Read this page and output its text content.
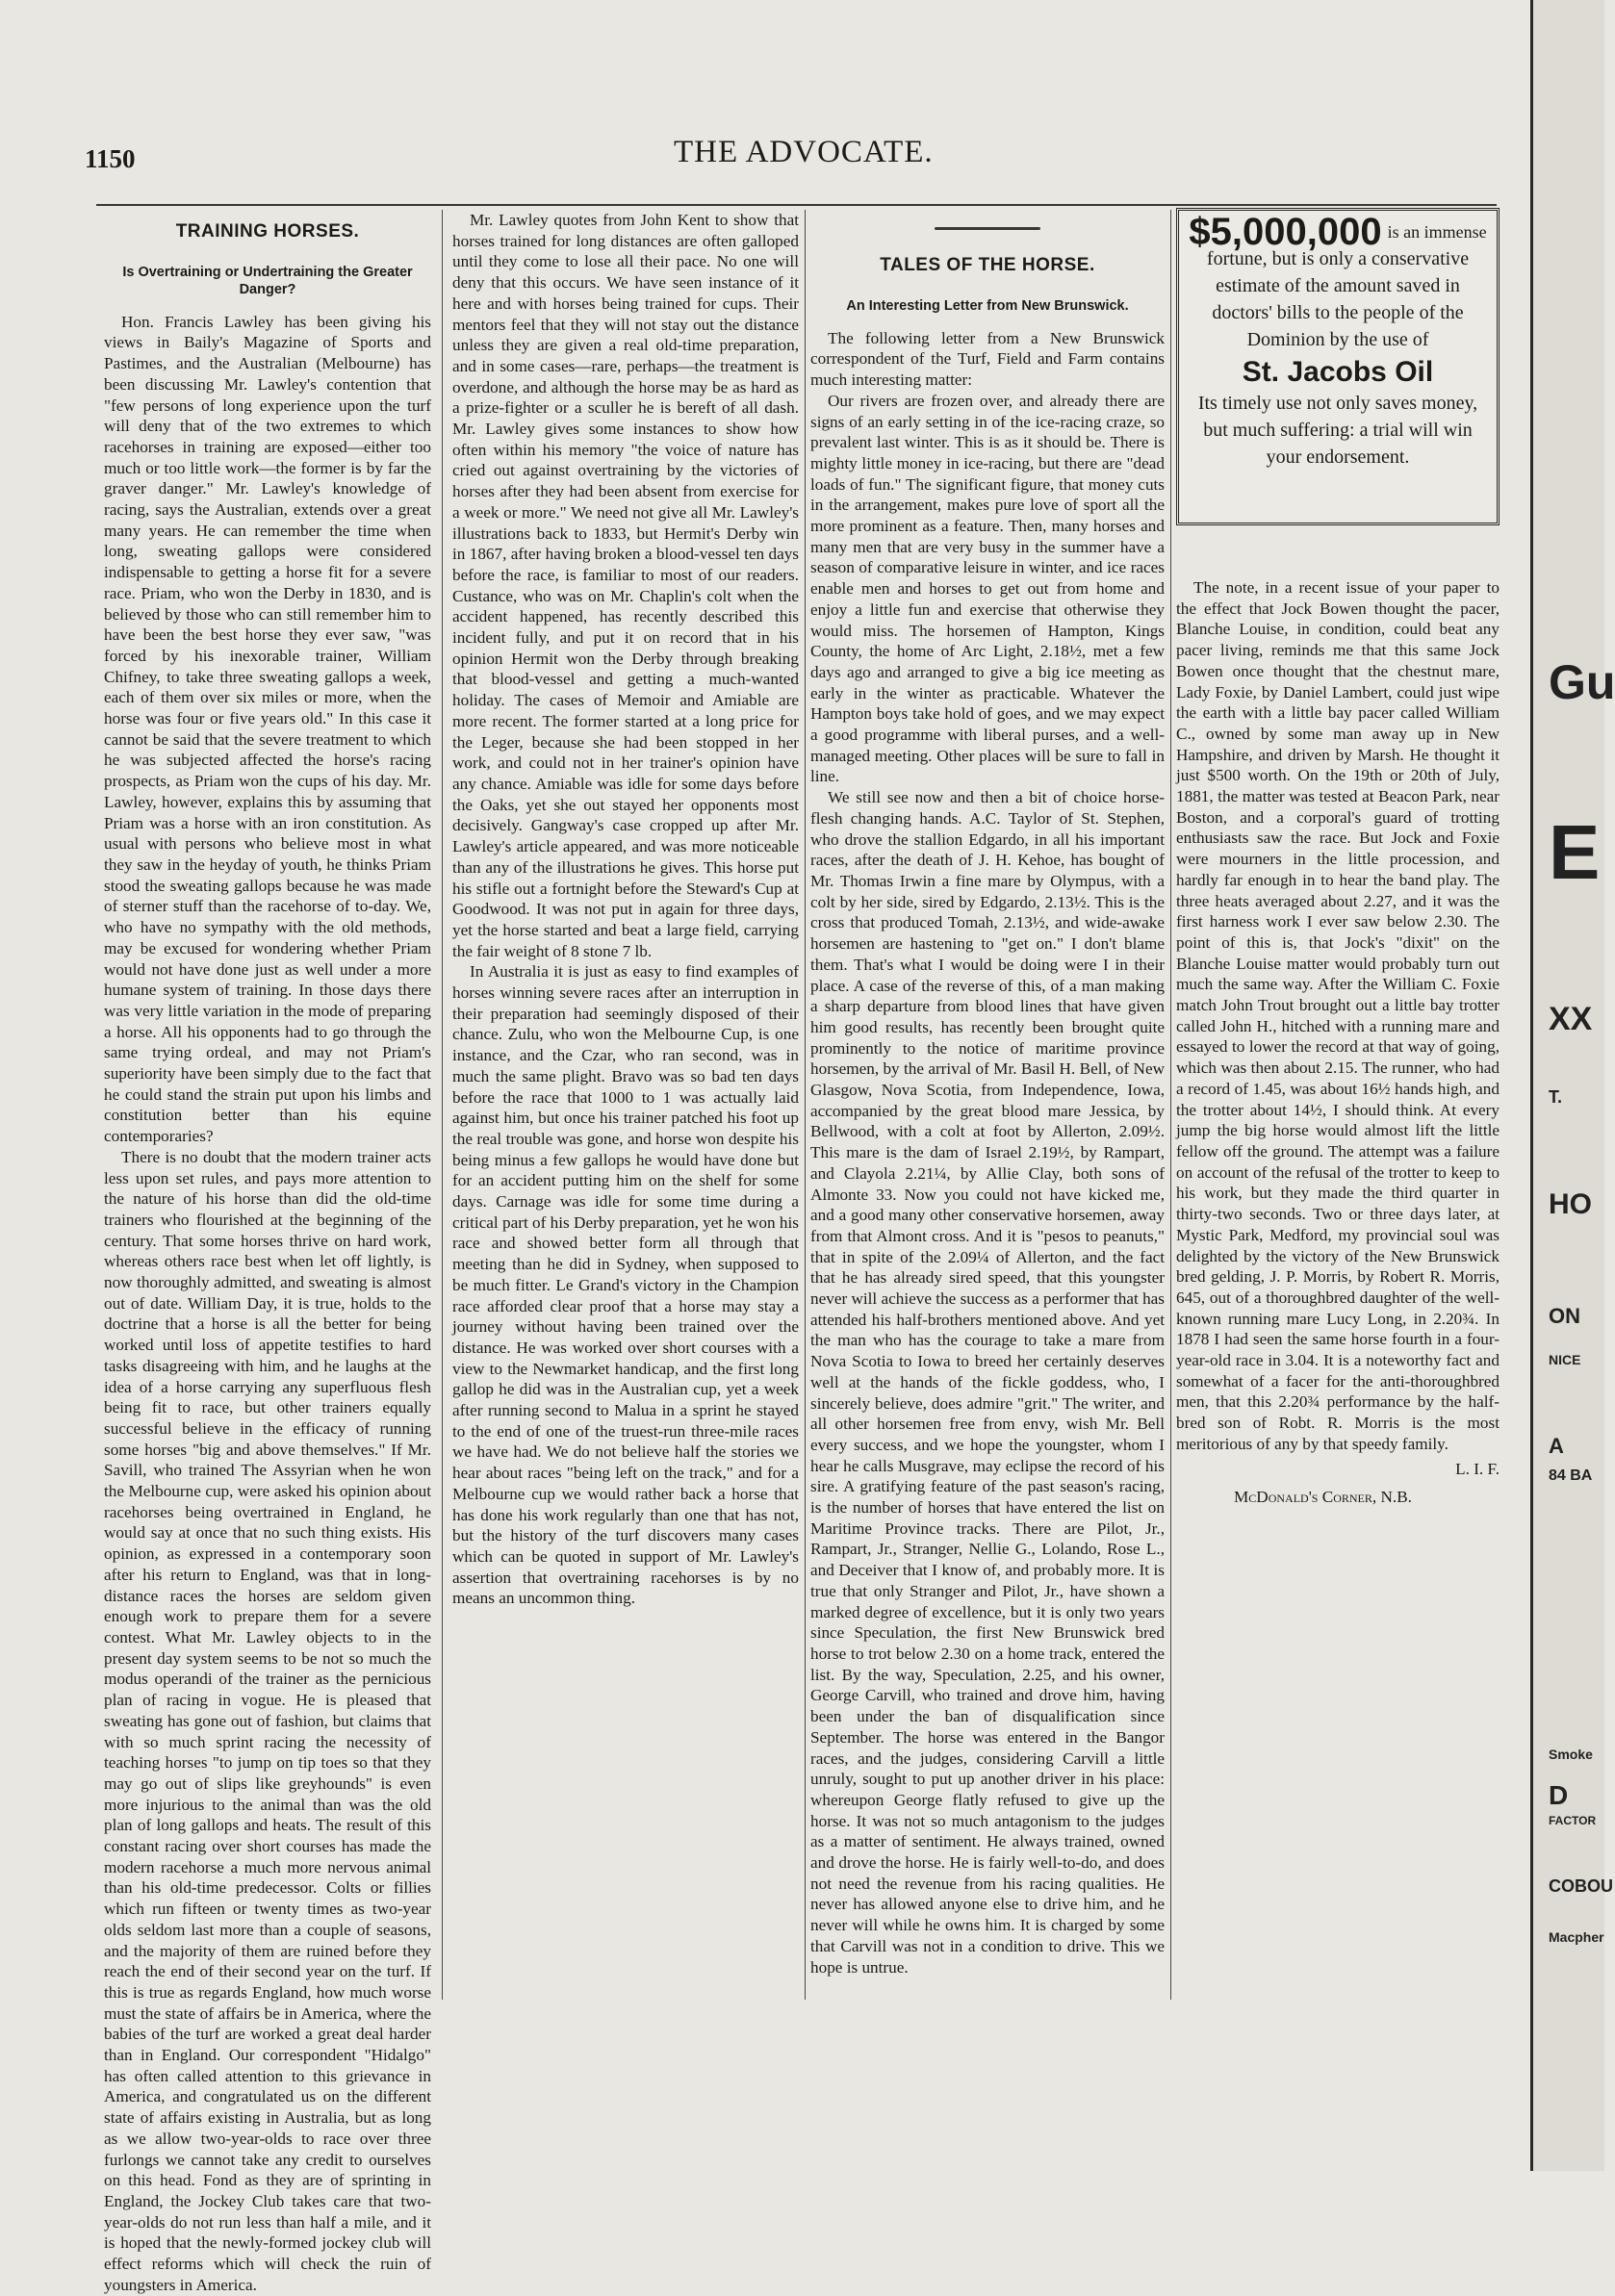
1150	THE ADVOCATE.
TRAINING HORSES.
Is Overtraining or Undertraining the Greater Danger?

Hon. Francis Lawley has been giving his views in Baily's Magazine of Sports and Pastimes, and the Australian (Melbourne) has been discussing Mr. Lawley's contention that "few persons of long experience upon the turf will deny that of the two extremes to which racehorses in training are exposed—either too much or too little work—the former is by far the graver danger." Mr. Lawley's knowledge of racing, says the Australian, extends over a great many years. He can remember the time when long, sweating gallops were considered indispensable to getting a horse fit for a severe race. Priam, who won the Derby in 1830, and is believed by those who can still remember him to have been the best horse they ever saw, "was forced by his inexorable trainer, William Chifney, to take three sweating gallops a week, each of them over six miles or more, when the horse was four or five years old." In this case it cannot be said that the severe treatment to which he was subjected affected the horse's racing prospects, as Priam won the cups of his day. Mr. Lawley, however, explains this by assuming that Priam was a horse with an iron constitution. As usual with persons who believe most in what they saw in the heyday of youth, he thinks Priam stood the sweating gallops because he was made of sterner stuff than the racehorse of to-day. We, who have no sympathy with the old methods, may be excused for wondering whether Priam would not have done just as well under a more humane system of training. In those days there was very little variation in the mode of preparing a horse. All his opponents had to go through the same trying ordeal, and may not Priam's superiority have been simply due to the fact that he could stand the strain put upon his limbs and constitution better than his equine contemporaries?

There is no doubt that the modern trainer acts less upon set rules, and pays more attention to the nature of his horse than did the old-time trainers who flourished at the beginning of the century. That some horses thrive on hard work, whereas others race best when let off lightly, is now thoroughly admitted, and sweating is almost out of date. William Day, it is true, holds to the doctrine that a horse is all the better for being worked until loss of appetite testifies to hard tasks disagreeing with him, and he laughs at the idea of a horse carrying any superfluous flesh being fit to race, but other trainers equally successful believe in the efficacy of running some horses "big and above themselves." If Mr. Savill, who trained The Assyrian when he won the Melbourne cup, were asked his opinion about racehorses being overtrained in England, he would say at once that no such thing exists. His opinion, as expressed in a contemporary soon after his return to England, was that in long-distance races the horses are seldom given enough work to prepare them for a severe contest. What Mr. Lawley objects to in the present day system seems to be not so much the modus operandi of the trainer as the pernicious plan of racing in vogue. He is pleased that sweating has gone out of fashion, but claims that with so much sprint racing the necessity of teaching horses "to jump on tip toes so that they may go out of slips like greyhounds" is even more injurious to the animal than was the old plan of long gallops and heats. The result of this constant racing over short courses has made the modern racehorse a much more nervous animal than his old-time predecessor. Colts or fillies which run fifteen or twenty times as two-year olds seldom last more than a couple of seasons, and the majority of them are ruined before they reach the end of their second year on the turf. If this is true as regards England, how much worse must the state of affairs be in America, where the babies of the turf are worked a great deal harder than in England. Our correspondent "Hidalgo" has often called attention to this grievance in America, and congratulated us on the different state of affairs existing in Australia, but as long as we allow two-year-olds to race over three furlongs we cannot take any credit to ourselves on this head. Fond as they are of sprinting in England, the Jockey Club takes care that two-year-olds do not run less than half a mile, and it is hoped that the newly-formed jockey club will effect reforms which will check the ruin of youngsters in America.

Mr. Lawley quotes from John Kent to show that horses trained for long distances are often galloped until they come to lose all their pace. No one will deny that this occurs. We have seen instance of it here and with horses being trained for cups. Their mentors feel that they will not stay out the distance unless they are given a real old-time preparation, and in some cases—rare, perhaps—the treatment is overdone, and although the horse may be as hard as a prize-fighter or a sculler he is bereft of all dash. Mr. Lawley gives some instances to show how often within his memory "the voice of nature has cried out against overtraining by the victories of horses after they had been absent from exercise for a week or more." We need not give all Mr. Lawley's illustrations back to 1833, but Hermit's Derby win in 1867, after having broken a blood-vessel ten days before the race, is familiar to most of our readers. Custance, who was on Mr. Chaplin's colt when the accident happened, has recently described this incident fully, and put it on record that in his opinion Hermit won the Derby through breaking that blood-vessel and getting a much-wanted holiday. The cases of Memoir and Amiable are more recent. The former started at a long price for the Leger, because she had been stopped in her work, and could not in her trainer's opinion have any chance. Amiable was idle for some days before the Oaks, yet she out stayed her opponents most decisively. Gangway's case cropped up after Mr. Lawley's article appeared, and was more noticeable than any of the illustrations he gives. This horse put his stifle out a fortnight before the Steward's Cup at Goodwood. It was not put in again for three days, yet the horse started and beat a large field, carrying the fair weight of 8 stone 7 lb.

In Australia it is just as easy to find examples of horses winning severe races after an interruption in their preparation had seemingly disposed of their chance. Zulu, who won the Melbourne Cup, is one instance, and the Czar, who ran second, was in much the same plight. Bravo was so bad ten days before the race that 1000 to 1 was actually laid against him, but once his trainer patched his foot up the real trouble was gone, and horse won despite his being minus a few gallops he would have done but for an accident putting him on the shelf for some days. Carnage was idle for some time during a critical part of his Derby preparation, yet he won his race and showed better form all through that meeting than he did in Sydney, when supposed to be much fitter. Le Grand's victory in the Champion race afforded clear proof that a horse may stay a journey without having been trained over the distance. He was worked over short courses with a view to the Newmarket handicap, and the first long gallop he did was in the Australian cup, yet a week after running second to Malua in a sprint he stayed to the end of one of the truest-run three-mile races we have had. We do not believe half the stories we hear about races "being left on the track," and for a Melbourne cup we would rather back a horse that has done his work regularly than one that has not, but the history of the turf discovers many cases which can be quoted in support of Mr. Lawley's assertion that overtraining racehorses is by no means an uncommon thing.

TALES OF THE HORSE.
An Interesting Letter from New Brunswick.

The following letter from a New Brunswick correspondent of the Turf, Field and Farm contains much interesting matter:

Our rivers are frozen over, and already there are signs of an early setting in of the ice-racing craze, so prevalent last winter. This is as it should be. There is mighty little money in ice-racing, but there are "dead loads of fun." The significant figure, that money cuts in the arrangement, makes pure love of sport all the more prominent as a feature. Then, many horses and many men that are very busy in the summer have a season of comparative leisure in winter, and ice races enable men and horses to get out from home and enjoy a little fun and exercise that otherwise they would miss. The horsemen of Hampton, Kings County, the home of Arc Light, 2.18½, met a few days ago and arranged to give a big ice meeting as early in the winter as practicable. Whatever the Hampton boys take hold of goes, and we may expect a good programme with liberal purses, and a well-managed meeting. Other places will be sure to fall in line.

We still see now and then a bit of choice horse-flesh changing hands. A.C. Taylor of St. Stephen, who drove the stallion Edgardo, in all his important races, after the death of J. H. Kehoe, has bought of Mr. Thomas Irwin a fine mare by Olympus, with a colt by her side, sired by Edgardo, 2.13½. This is the cross that produced Tomah, 2.13½, and wide-awake horsemen are hastening to "get on." I don't blame them. That's what I would be doing were I in their place. A case of the reverse of this, of a man making a sharp departure from blood lines that have given him good results, has recently been brought quite prominently to the notice of maritime province horsemen, by the arrival of Mr. Basil H. Bell, of New Glasgow, Nova Scotia, from Independence, Iowa, accompanied by the great blood mare Jessica, by Bellwood, with a colt at foot by Allerton, 2.09½. This mare is the dam of Israel 2.19½, by Rampart, and Clayola 2.21¼, by Allie Clay, both sons of Almonte 33. Now you could not have kicked me, and a good many other conservative horsemen, away from that Almont cross. And it is "pesos to peanuts," that in spite of the 2.09¼ of Allerton, and the fact that he has already sired speed, that this youngster never will achieve the success as a performer that has attended his half-brothers mentioned above. And yet the man who has the courage to take a mare from Nova Scotia to Iowa to breed her certainly deserves well at the hands of the fickle goddess, who, I sincerely believe, does admire "grit." The writer, and all other horsemen free from envy, wish Mr. Bell every success, and we hope the youngster, whom I hear he calls Musgrave, may eclipse the record of his sire. A gratifying feature of the past season's racing, is the number of horses that have entered the list on Maritime Province tracks. There are Pilot, Jr., Rampart, Jr., Stranger, Nellie G., Lolando, Rose L., and Deceiver that I know of, and probably more. It is true that only Stranger and Pilot, Jr., have shown a marked degree of excellence, but it is only two years since Speculation, the first New Brunswick bred horse to trot below 2.30 on a home track, entered the list. By the way, Speculation, 2.25, and his owner, George Carvill, who trained and drove him, having been under the ban of disqualification since September. The horse was entered in the Bangor races, and the judges, considering Carvill a little unruly, sought to put up another driver in his place: whereupon George flatly refused to give up the horse. It was not so much antagonism to the judges as a matter of sentiment. He always trained, owned and drove the horse. He is fairly well-to-do, and does not need the revenue from his racing qualities. He never has allowed anyone else to drive him, and he never will while he owns him. It is charged by some that Carvill was not in a condition to drive. This we hope is untrue.

$5,000,000 is an immense
fortune, but is only a conservative estimate of the amount saved in doctors' bills to the people of the Dominion by the use of
St. Jacobs Oil
Its timely use not only saves money, but much suffering: a trial will win your endorsement.

The note, in a recent issue of your paper to the effect that Jock Bowen thought the pacer, Blanche Louise, in condition, could beat any pacer living, reminds me that this same Jock Bowen once thought that the chestnut mare, Lady Foxie, by Daniel Lambert, could just wipe the earth with a little bay pacer called William C., owned by some man away up in New Hampshire, and driven by Marsh. He thought it just $500 worth. On the 19th or 20th of July, 1881, the matter was tested at Beacon Park, near Boston, and a corporal's guard of trotting enthusiasts saw the race. But Jock and Foxie were mourners in the little procession, and hardly far enough in to hear the band play. The three heats averaged about 2.27, and it was the first harness work I ever saw below 2.30. The point of this is, that Jock's "dixit" on the Blanche Louise matter would probably turn out much the same way. After the William C. Foxie match John Trout brought out a little bay trotter called John H., hitched with a running mare and essayed to lower the record at that way of going, which was then about 2.15. The runner, who had a record of 1.45, was about 16½ hands high, and the trotter about 14½, I should think. At every jump the big horse would almost lift the little fellow off the ground. The attempt was a failure on account of the refusal of the trotter to keep to his work, but they made the third quarter in thirty-two seconds. Two or three days later, at Mystic Park, Medford, my provincial soul was delighted by the victory of the New Brunswick bred gelding, J. P. Morris, by Robert R. Morris, 645, out of a thoroughbred daughter of the well-known running mare Lucy Long, in 2.20¾. In 1878 I had seen the same horse fourth in a four-year-old race in 3.04. It is a noteworthy fact and somewhat of a facer for the anti-thoroughbred men, that this 2.20¾ performance by the half-bred son of Robt. R. Morris is the most meritorious of any by that speedy family.

L. I. F.
McDonald's Corner, N.B.
Gu
E
XX
T.
HO
ON
NICE
A
84 BA
Smoke
D
FACTOR
COBOU
Macpher
